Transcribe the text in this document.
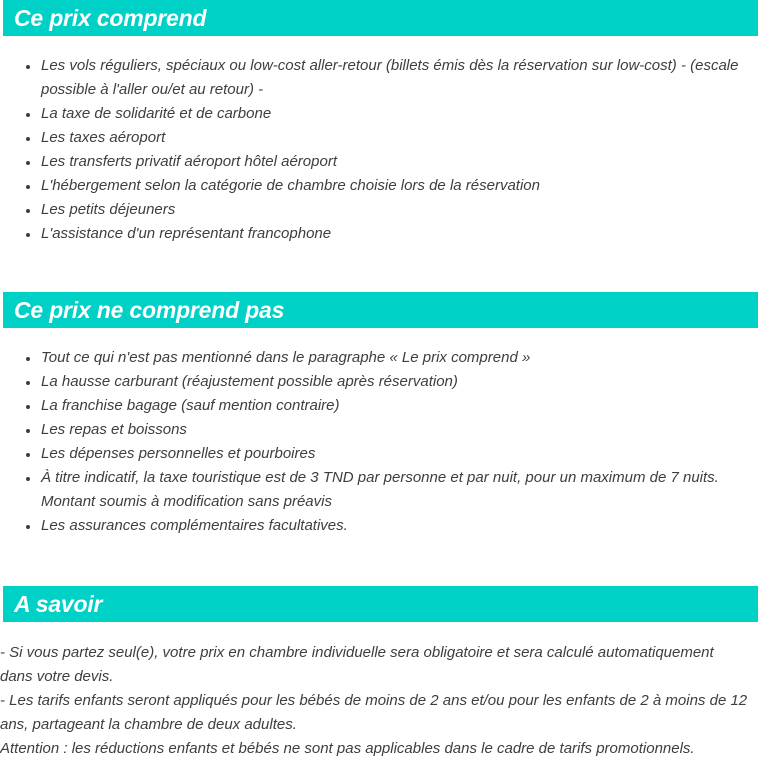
Ce prix comprend
• Les vols réguliers, spéciaux ou low-cost aller-retour (billets émis dès la réservation sur low-cost) - (escale possible à l'aller ou/et au retour) -
• La taxe de solidarité et de carbone
• Les taxes aéroport
• Les transferts privatif aéroport hôtel aéroport
• L'hébergement selon la catégorie de chambre choisie lors de la réservation
• Les petits déjeuners
• L'assistance d'un représentant francophone
Ce prix ne comprend pas
• Tout ce qui n'est pas mentionné dans le paragraphe « Le prix comprend »
• La hausse carburant (réajustement possible après réservation)
• La franchise bagage (sauf mention contraire)
• Les repas et boissons
• Les dépenses personnelles et pourboires
• À titre indicatif, la taxe touristique est de 3 TND par personne et par nuit, pour un maximum de 7 nuits. Montant soumis à modification sans préavis
• Les assurances complémentaires facultatives.
A savoir
- Si vous partez seul(e), votre prix en chambre individuelle sera obligatoire et sera calculé automatiquement dans votre devis.
- Les tarifs enfants seront appliqués pour les bébés de moins de 2 ans et/ou pour les enfants de 2 à moins de 12 ans, partageant la chambre de deux adultes.
Attention : les réductions enfants et bébés ne sont pas applicables dans le cadre de tarifs promotionnels.
